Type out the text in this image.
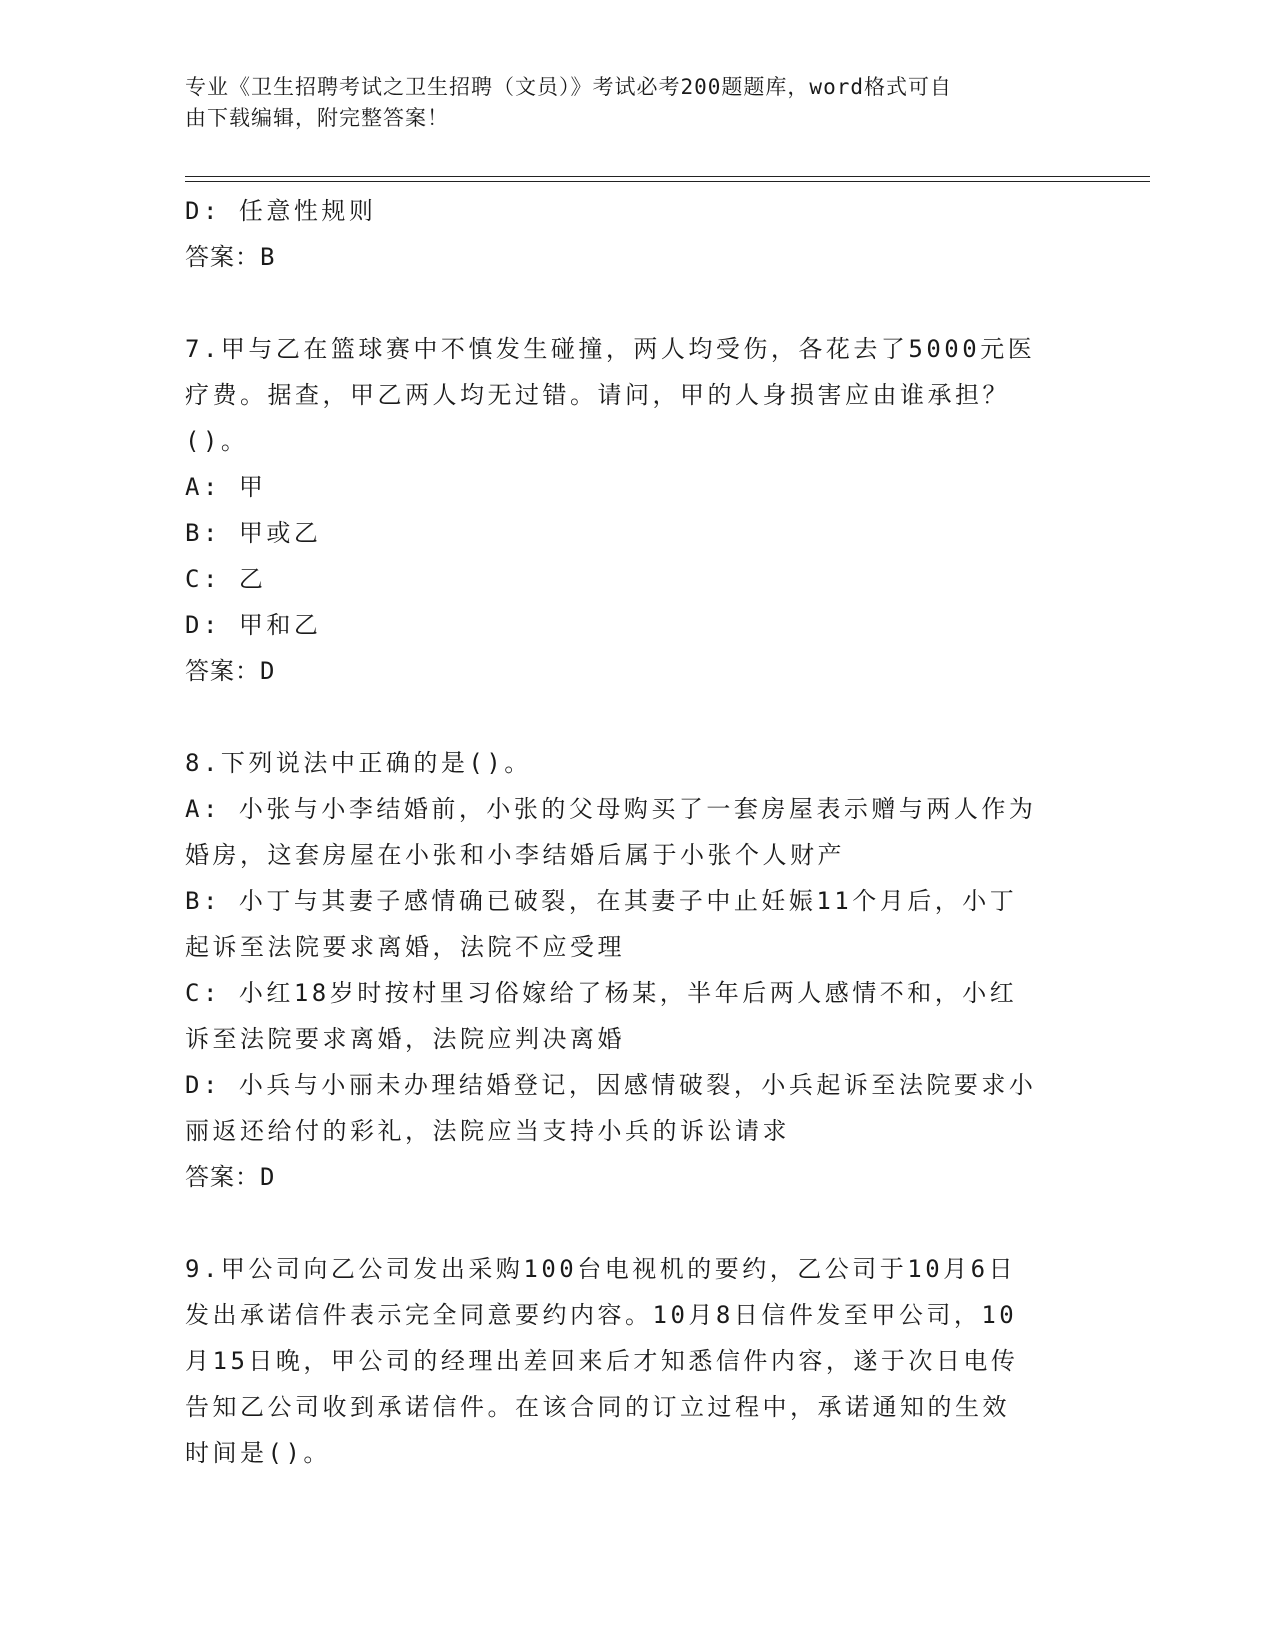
专业《卫生招聘考试之卫生招聘（文员）》考试必考200题题库，word格式可自
由下载编辑，附完整答案！
D: 任意性规则
答案：B
7.甲与乙在篮球赛中不慎发生碰撞，两人均受伤，各花去了5000元医
疗费。据查，甲乙两人均无过错。请问，甲的人身损害应由谁承担？
()。
A: 甲
B: 甲或乙
C: 乙
D: 甲和乙
答案：D
8.下列说法中正确的是()。
A: 小张与小李结婚前，小张的父母购买了一套房屋表示赠与两人作为
婚房，这套房屋在小张和小李结婚后属于小张个人财产
B: 小丁与其妻子感情确已破裂，在其妻子中止妊娠11个月后，小丁
起诉至法院要求离婚，法院不应受理
C: 小红18岁时按村里习俗嫁给了杨某，半年后两人感情不和，小红
诉至法院要求离婚，法院应判决离婚
D: 小兵与小丽未办理结婚登记，因感情破裂，小兵起诉至法院要求小
丽返还给付的彩礼，法院应当支持小兵的诉讼请求
答案：D
9.甲公司向乙公司发出采购100台电视机的要约，乙公司于10月6日
发出承诺信件表示完全同意要约内容。10月8日信件发至甲公司，10
月15日晚，甲公司的经理出差回来后才知悉信件内容，遂于次日电传
告知乙公司收到承诺信件。在该合同的订立过程中，承诺通知的生效
时间是()。
